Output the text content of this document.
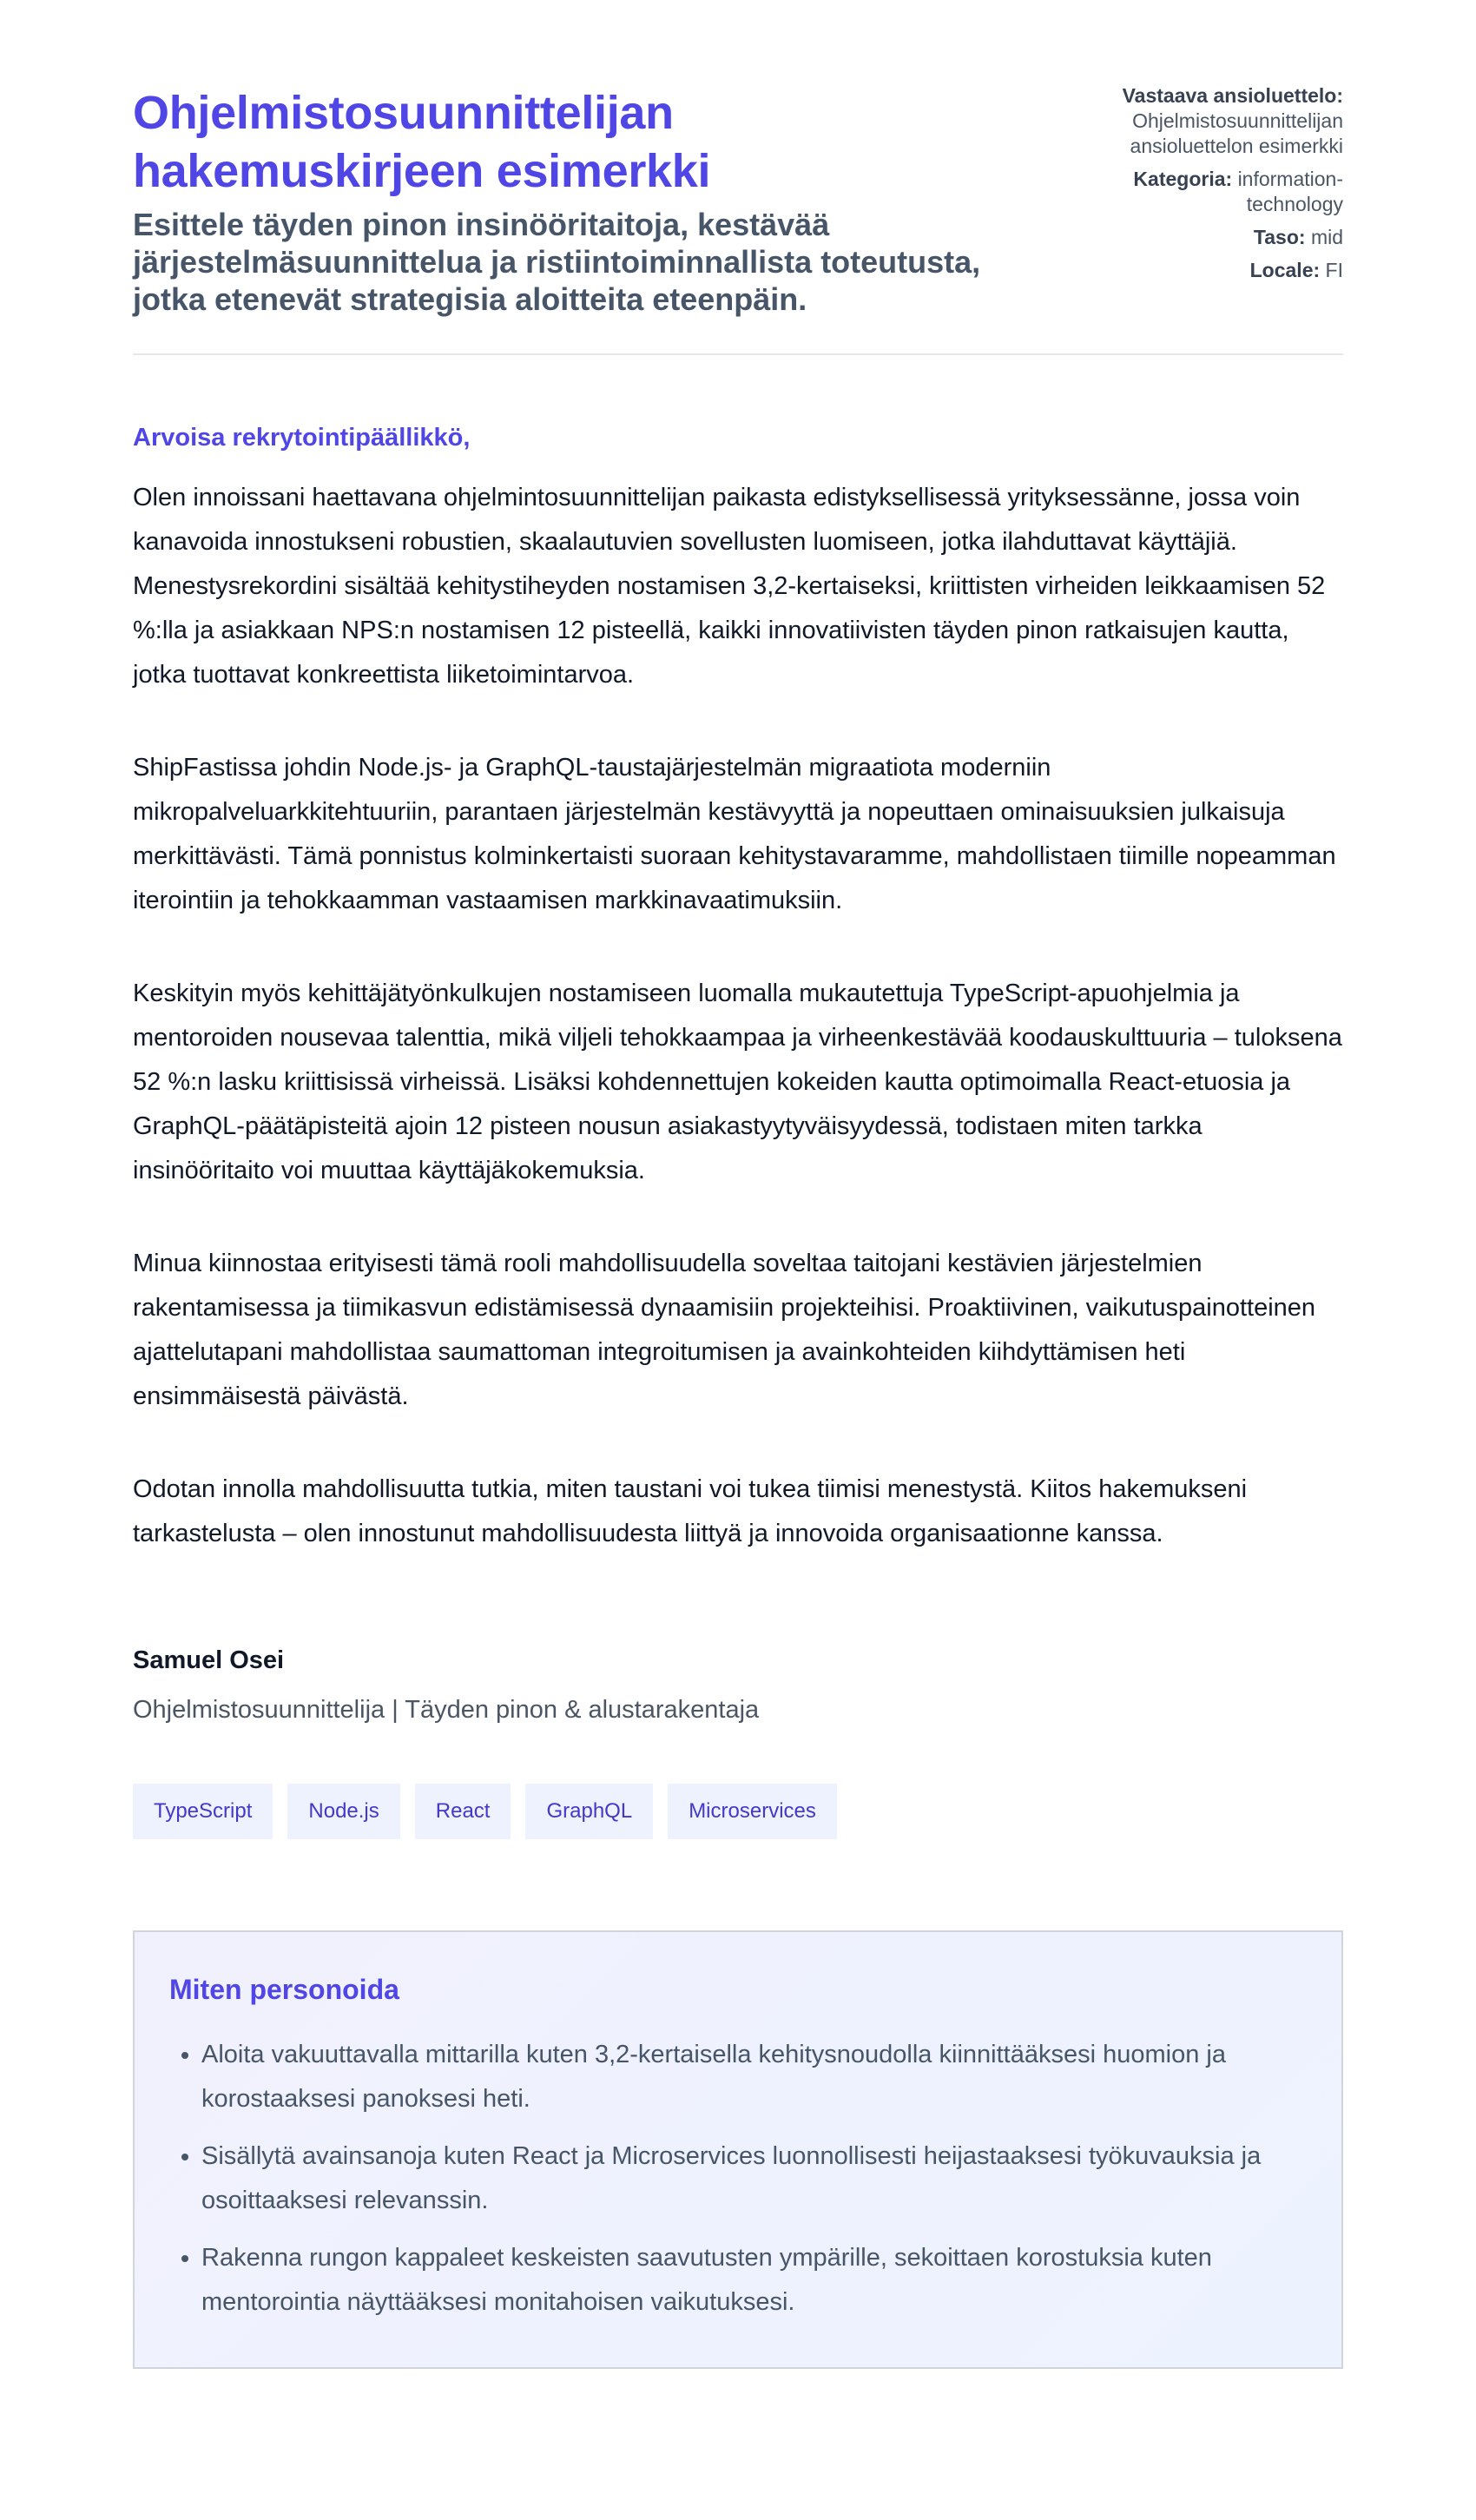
Ohjelmistosuunnittelijan hakemuskirjeen esimerkki

Esittele täyden pinon insinööritaitoja, kestävää järjestelmäsuunnittelua ja ristiintoiminnallista toteutusta, jotka etenevät strategisia aloitteita eteenpäin.

Vastaava ansioluettelo:
Ohjelmistosuunnittelijan ansioluettelon esimerkki
Kategoria: information-technology
Taso: mid
Locale: FI

Arvoisa rekrytointipäällikkö,

Olen innoissani haettavana ohjelmintosuunnittelijan paikasta edistyksellisessä yrityksessänne, jossa voin kanavoida innostukseni robustien, skaalautuvien sovellusten luomiseen, jotka ilahduttavat käyttäjiä. Menestysrekordini sisältää kehitystiheyden nostamisen 3,2-kertaiseksi, kriittisten virheiden leikkaamisen 52 %:lla ja asiakkaan NPS:n nostamisen 12 pisteellä, kaikki innovatiivisten täyden pinon ratkaisujen kautta, jotka tuottavat konkreettista liiketoimintarvoa.

ShipFastissa johdin Node.js- ja GraphQL-taustajärjestelmän migraatiota moderniin mikropalveluarkkitehtuuriin, parantaen järjestelmän kestävyyttä ja nopeuttaen ominaisuuksien julkaisuja merkittävästi. Tämä ponnistus kolminkertaisti suoraan kehitystavaramme, mahdollistaen tiimille nopeamman iterointiin ja tehokkaamman vastaamisen markkinavaatimuksiin.

Keskityin myös kehittäjätyönkulkujen nostamiseen luomalla mukautettuja TypeScript-apuohjelmia ja mentoroiden nousevaa talenttia, mikä viljeli tehokkaampaa ja virheenkestävää koodauskulttuuria – tuloksena 52 %:n lasku kriittisissä virheissä. Lisäksi kohdennettujen kokeiden kautta optimoimalla React-etuosia ja GraphQL-päätäpisteitä ajoin 12 pisteen nousun asiakastyytyväisyydessä, todistaen miten tarkka insinööritaito voi muuttaa käyttäjäkokemuksia.

Minua kiinnostaa erityisesti tämä rooli mahdollisuudella soveltaa taitojani kestävien järjestelmien rakentamisessa ja tiimikasvun edistämisessä dynaamisiin projekteihisi. Proaktiivinen, vaikutuspainotteinen ajattelutapani mahdollistaa saumattoman integroitumisen ja avainkohteiden kiihdyttämisen heti ensimmäisestä päivästä.

Odotan innolla mahdollisuutta tutkia, miten taustani voi tukea tiimisi menestystä. Kiitos hakemukseni tarkastelusta – olen innostunut mahdollisuudesta liittyä ja innovoida organisaationne kanssa.

Samuel Osei
Ohjelmistosuunnittelija | Täyden pinon & alustarakentaja
TypeScript	Node.js	React	GraphQL	Microservices
Miten personoida
• Aloita vakuuttavalla mittarilla kuten 3,2-kertaisella kehitysnoudolla kiinnittääksesi huomion ja korostaaksesi panoksesi heti.
• Sisällytä avainsanoja kuten React ja Microservices luonnollisesti heijastaaksesi työkuvauksia ja osoittaaksesi relevanssin.
• Rakenna rungon kappaleet keskeisten saavutusten ympärille, sekoittaen korostuksia kuten mentorointia näyttääksesi monitahoisen vaikutuksesi.
